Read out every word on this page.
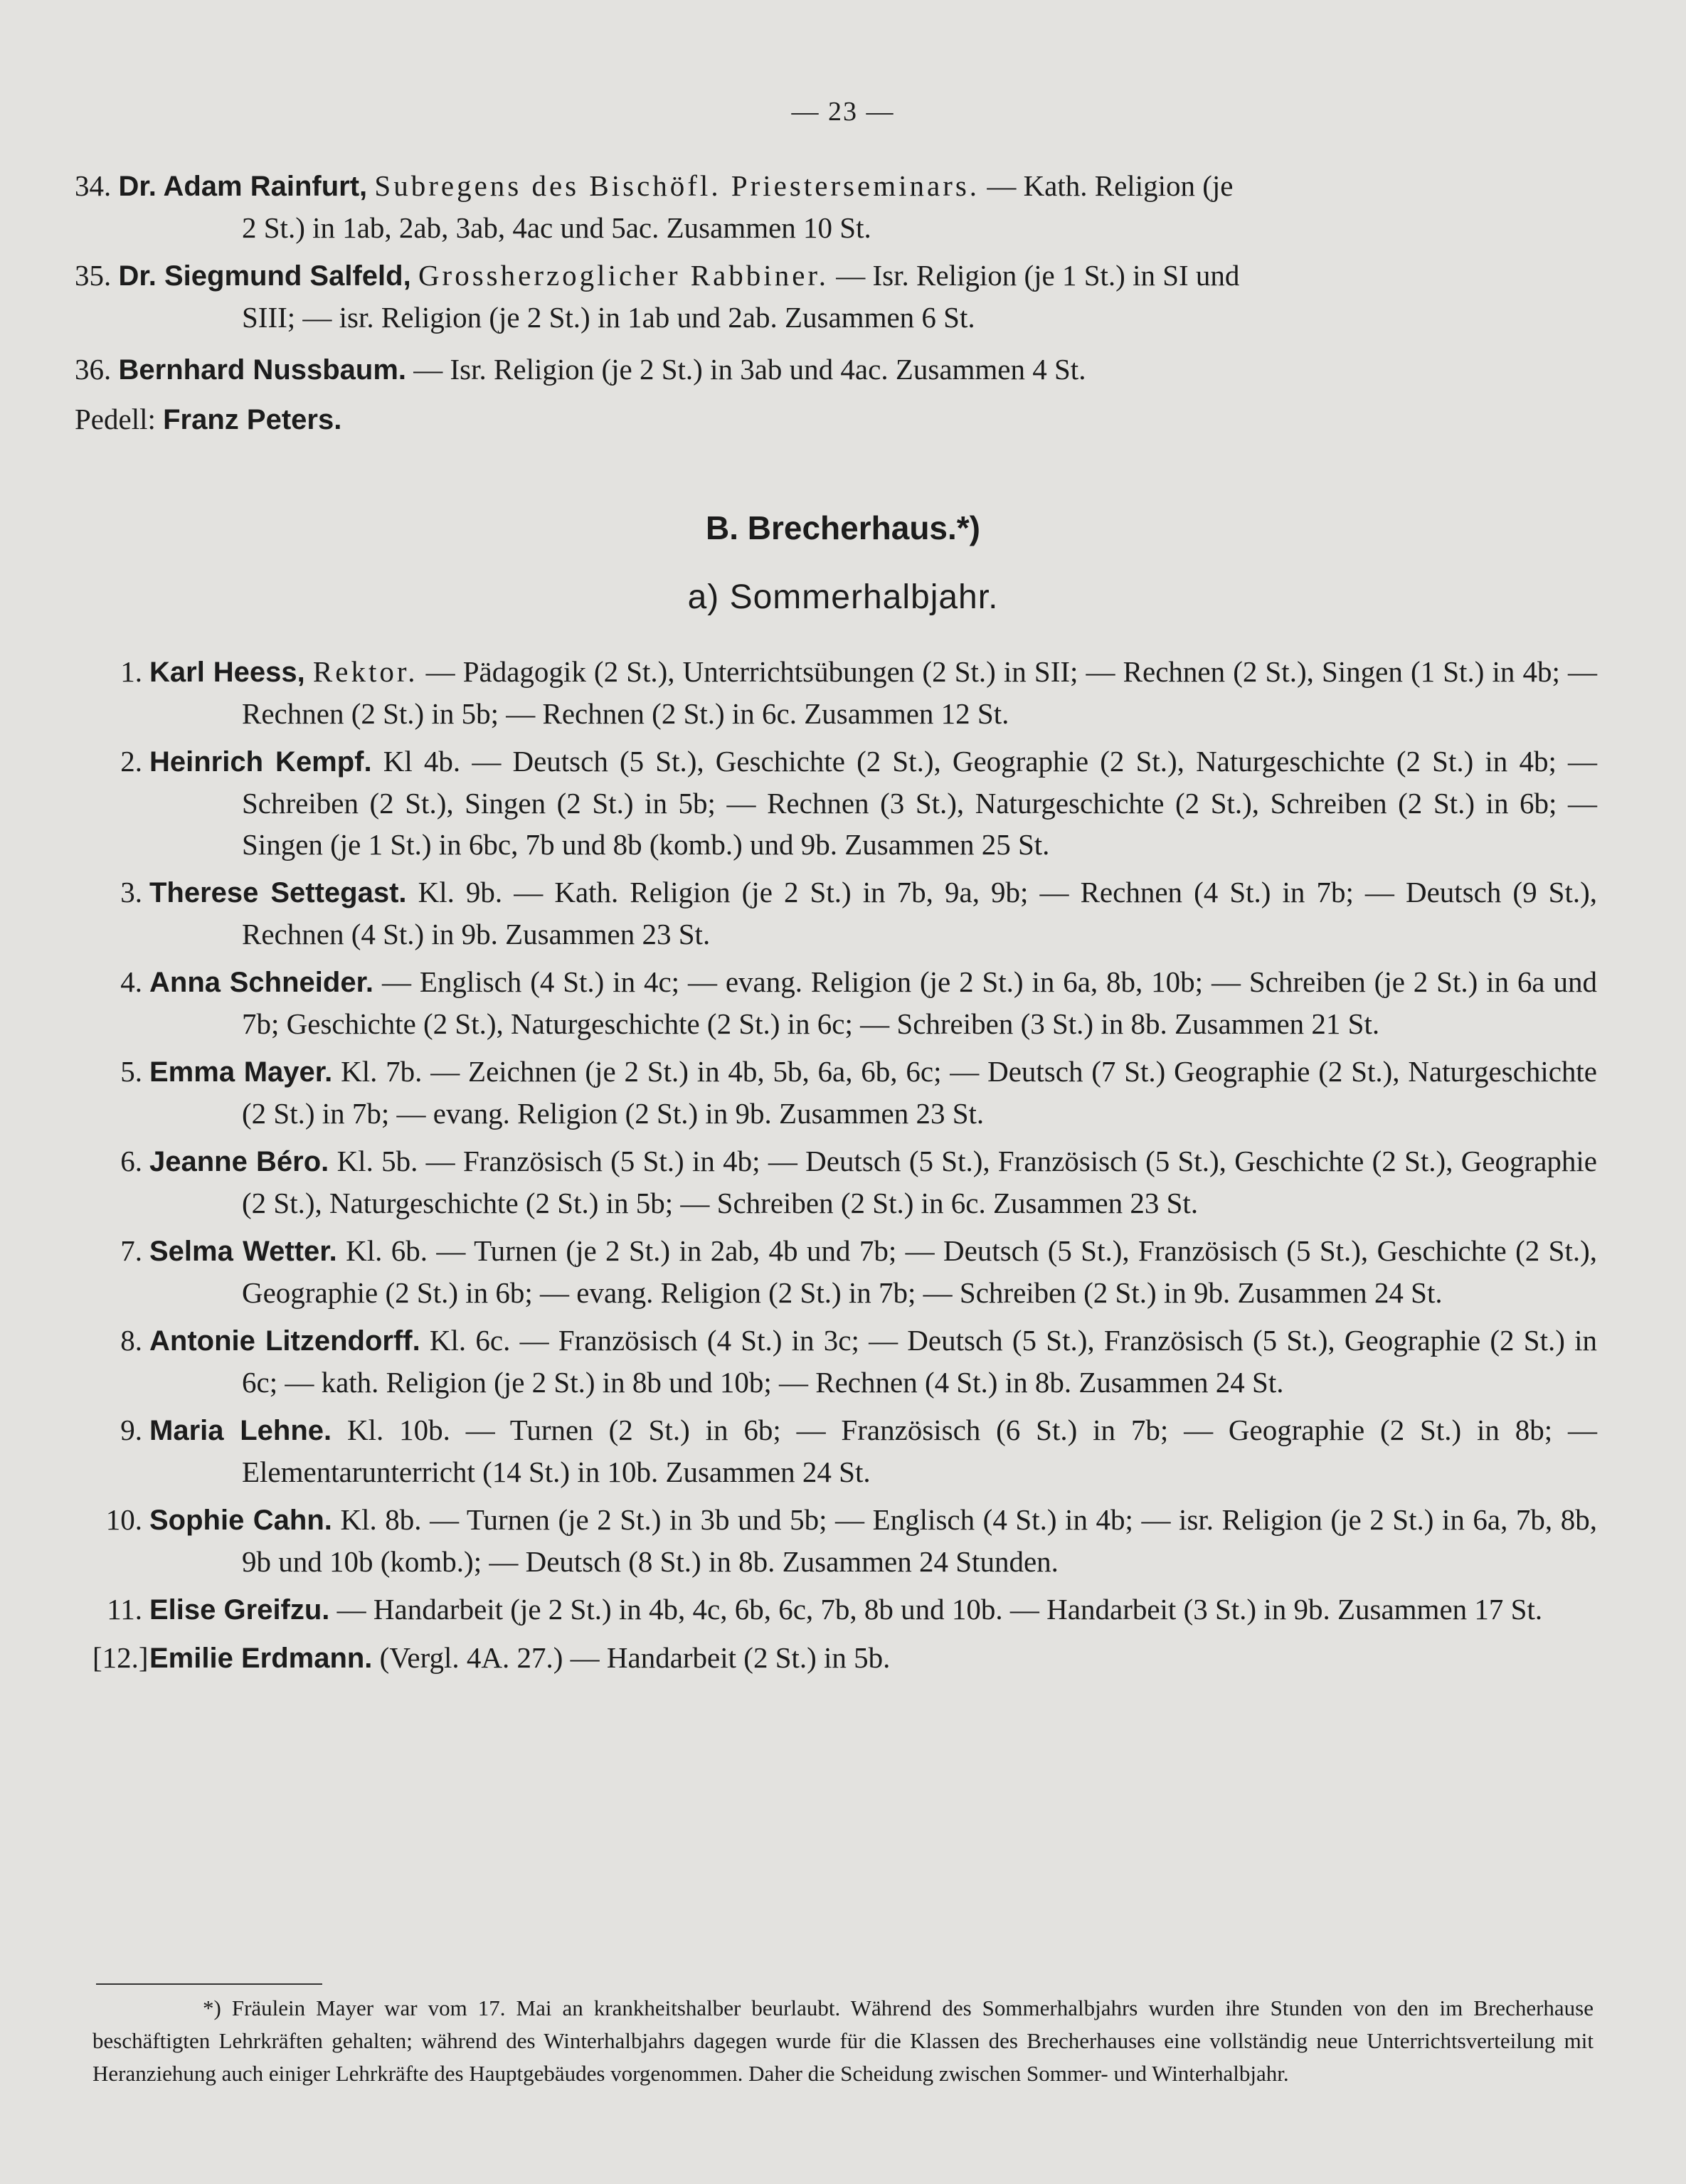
— 23 —
34. Dr. Adam Rainfurt, Subregens des Bischöfl. Priesterseminars. — Kath. Religion (je
2 St.) in 1ab, 2ab, 3ab, 4ac und 5ac. Zusammen 10 St.
35. Dr. Siegmund Salfeld, Grossherzoglicher Rabbiner. — Isr. Religion (je 1 St.) in SI und
SIII; — isr. Religion (je 2 St.) in 1ab und 2ab. Zusammen 6 St.
36. Bernhard Nussbaum. — Isr. Religion (je 2 St.) in 3ab und 4ac. Zusammen 4 St.
Pedell: Franz Peters.
B. Brecherhaus.*)
a) Sommerhalbjahr.
1. Karl Heess, Rektor. — Pädagogik (2 St.), Unterrichtsübungen (2 St.) in SII; — Rechnen (2 St.), Singen (1 St.) in 4b; — Rechnen (2 St.) in 5b; — Rechnen (2 St.) in 6c. Zusammen 12 St.
2. Heinrich Kempf. Kl 4b. — Deutsch (5 St.), Geschichte (2 St.), Geographie (2 St.), Naturgeschichte (2 St.) in 4b; — Schreiben (2 St.), Singen (2 St.) in 5b; — Rechnen (3 St.), Naturgeschichte (2 St.), Schreiben (2 St.) in 6b; — Singen (je 1 St.) in 6bc, 7b und 8b (komb.) und 9b. Zusammen 25 St.
3. Therese Settegast. Kl. 9b. — Kath. Religion (je 2 St.) in 7b, 9a, 9b; — Rechnen (4 St.) in 7b; — Deutsch (9 St.), Rechnen (4 St.) in 9b. Zusammen 23 St.
4. Anna Schneider. — Englisch (4 St.) in 4c; — evang. Religion (je 2 St.) in 6a, 8b, 10b; — Schreiben (je 2 St.) in 6a und 7b; Geschichte (2 St.), Naturgeschichte (2 St.) in 6c; — Schreiben (3 St.) in 8b. Zusammen 21 St.
5. Emma Mayer. Kl. 7b. — Zeichnen (je 2 St.) in 4b, 5b, 6a, 6b, 6c; — Deutsch (7 St.) Geographie (2 St.), Naturgeschichte (2 St.) in 7b; — evang. Religion (2 St.) in 9b. Zusammen 23 St.
6. Jeanne Béro. Kl. 5b. — Französisch (5 St.) in 4b; — Deutsch (5 St.), Französisch (5 St.), Geschichte (2 St.), Geographie (2 St.), Naturgeschichte (2 St.) in 5b; — Schreiben (2 St.) in 6c. Zusammen 23 St.
7. Selma Wetter. Kl. 6b. — Turnen (je 2 St.) in 2ab, 4b und 7b; — Deutsch (5 St.), Französisch (5 St.), Geschichte (2 St.), Geographie (2 St.) in 6b; — evang. Religion (2 St.) in 7b; — Schreiben (2 St.) in 9b. Zusammen 24 St.
8. Antonie Litzendorff. Kl. 6c. — Französisch (4 St.) in 3c; — Deutsch (5 St.), Französisch (5 St.), Geographie (2 St.) in 6c; — kath. Religion (je 2 St.) in 8b und 10b; — Rechnen (4 St.) in 8b. Zusammen 24 St.
9. Maria Lehne. Kl. 10b. — Turnen (2 St.) in 6b; — Französisch (6 St.) in 7b; — Geographie (2 St.) in 8b; — Elementarunterricht (14 St.) in 10b. Zusammen 24 St.
10. Sophie Cahn. Kl. 8b. — Turnen (je 2 St.) in 3b und 5b; — Englisch (4 St.) in 4b; — isr. Religion (je 2 St.) in 6a, 7b, 8b, 9b und 10b (komb.); — Deutsch (8 St.) in 8b. Zusammen 24 Stunden.
11. Elise Greifzu. — Handarbeit (je 2 St.) in 4b, 4c, 6b, 6c, 7b, 8b und 10b. — Handarbeit (3 St.) in 9b. Zusammen 17 St.
[12.] Emilie Erdmann. (Vergl. 4A. 27.) — Handarbeit (2 St.) in 5b.
*) Fräulein Mayer war vom 17. Mai an krankheitshalber beurlaubt. Während des Sommerhalbjahrs wurden ihre Stunden von den im Brecherhause beschäftigten Lehrkräften gehalten; während des Winterhalbjahrs dagegen wurde für die Klassen des Brecherhauses eine vollständig neue Unterrichtsverteilung mit Heranziehung auch einiger Lehrkräfte des Hauptgebäudes vorgenommen. Daher die Scheidung zwischen Sommer- und Winterhalbjahr.
